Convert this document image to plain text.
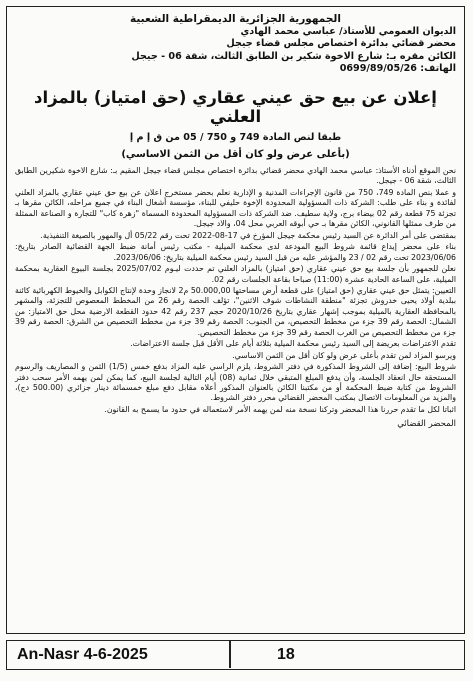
الجمهورية الجزائرية الديمقراطية الشعبية
الديوان العمومي للأستاذ/ عباسي محمد الهادي
محضر قضائي بدائرة اختصاص مجلس قضاء جيجل
الكائن مقره بـ: شارع الاخوة شكير بن الطابق الثالث، شقة 06 - جيجل
الهاتف: 0699/89/05/26
إعلان عن بيع حق عيني عقاري (حق امتياز) بالمزاد العلني
طبقا لنص المادة 749 و 750 / 05 من ق إ م إ
(بأعلى عرض ولو كان أقل من الثمن الاساسي)

نحن الموقع أدناه الأستاذ: عباسي محمد الهادي محضر قضائي بدائرة اختصاص مجلس قضاء جيجل المقيم بـ: شارع الاخوة شكيرين الطابق الثالث، شقة 06 - جيجل.

و عملا بنص المادة 749، 750 من قانون الإجراءات المدنية و الإدارية نعلم بحضر مستخرج اعلان عن بيع حق عيني عقاري بالمزاد العلني لفائدة و بناء على طلب: الشركة ذات المسؤولية المحدودة الإخوة حليفي للبناء، مؤسسة أشغال البناء في جميع مراحله، الكائن مقرها بـ تجزئة 75 قطعة رقم 02 بيضاء برج، ولاية سطيف. ضد الشركة ذات المسؤولية المحدودة المسماة "زهرة كاب" للتجارة و الصناعة الممثلة من طرف ممثلها القانوني، الكائن مقرها بـ حي أبوقه العربي محل 04، والاد جيجل.

بمقتضى على أمر الدائرة عن السيد رئيس محكمة جيجل المؤرخ في 17-08-2022 تحت رقم 05/22 أل والمهور بالصيغة التنفيذية.

بناء على محضر إيداع قائمة شروط البيع المودعة لدى محكمة الميلية - مكتب رئيس أمانة ضبط الجهة القضائية الصادر بتاريخ: 2023/06/06 تحت رقم 02 / 23 والمؤشر عليه من قبل السيد رئيس محكمة الميلية بتاريخ: 2023/06/06.

نعلن للجمهور بأن جلسة بيع حق عيني عقاري (حق امتياز) بالمزاد العلني تم حددت ليـوم 2025/07/02 بجلسة البيوع العقارية بمحكمة الميلية، على الساعة الحادية عشرة (11:00) صباحا بقاعة الجلسات رقم 02.

التعيين: يتمثل حق عيني عقاري (حق امتياز) على قطعة أرض مساحتها 50.000,00 م2 لانجاز وحدة لإنتاج الكوابل والخيوط الكهربائية كائنة ببلدية أولاد يحيى خدروش تجزئة "منطقة النشاطات شوف الاثنين"، تؤلف الحصة رقم 26 من المخطط المعصوص للتجزئة، والمشهر بالمحافظة العقارية بالميلية بموجب إشهار عقاري بتاريخ 2020/10/26 حجم 237 رقم 42 حدود القطعة الارضية محل حق الامتياز: من الشمال: الحصة رقم 39 جزء من مخطط التحصيص، من الجنوب: الحصة رقم 39 جزء من مخطط التحصيص من الشرق: الحصة رقم 39 جزء من مخطط التحصيص من الغرب الحصة رقم 39 جزء من مخطط التحصيص.

تقدم الاعتراضات بعريضة إلى السيد رئيس محكمة الميلية بثلاثة أيام على الأقل قبل جلسة الاعتراضات.

ويرسو المزاد لمن تقدم بأعلى عرض ولو كان أقل من الثمن الاساسي.

شروط البيع: إضافة إلى الشروط المذكورة في دفتر الشروط، يلزم الراسي عليه المزاد بدفع خمس (1/5) الثمن و المصاريف والرسوم المستحقة حال انعقاد الجلسة، وأن يدفع المبلغ المتبقي خلال ثمانية (08) أيام التالية لجلسة البيع، كما يمكن لمن يهمه الأمر سحب دفتر الشروط من كتابة ضبط المحكمة أو من مكتبنا الكائن بالعنوان المذكور أعلاه مقابل دفع مبلغ خمسمائة دينار جزائري (500.00 دج)، والمزيد من المعلومات الاتصال بمكتب المحضر القضائي محرر دفتر الشروط.

اثباتا لكل ما تقدم حررنا هذا المحضر وتركنا نسخة منه لمن يهمه الأمر لاستعماله في حدود ما يسمح به القانون.

المحضر القضائي
An-Nasr 4-6-2025	18
